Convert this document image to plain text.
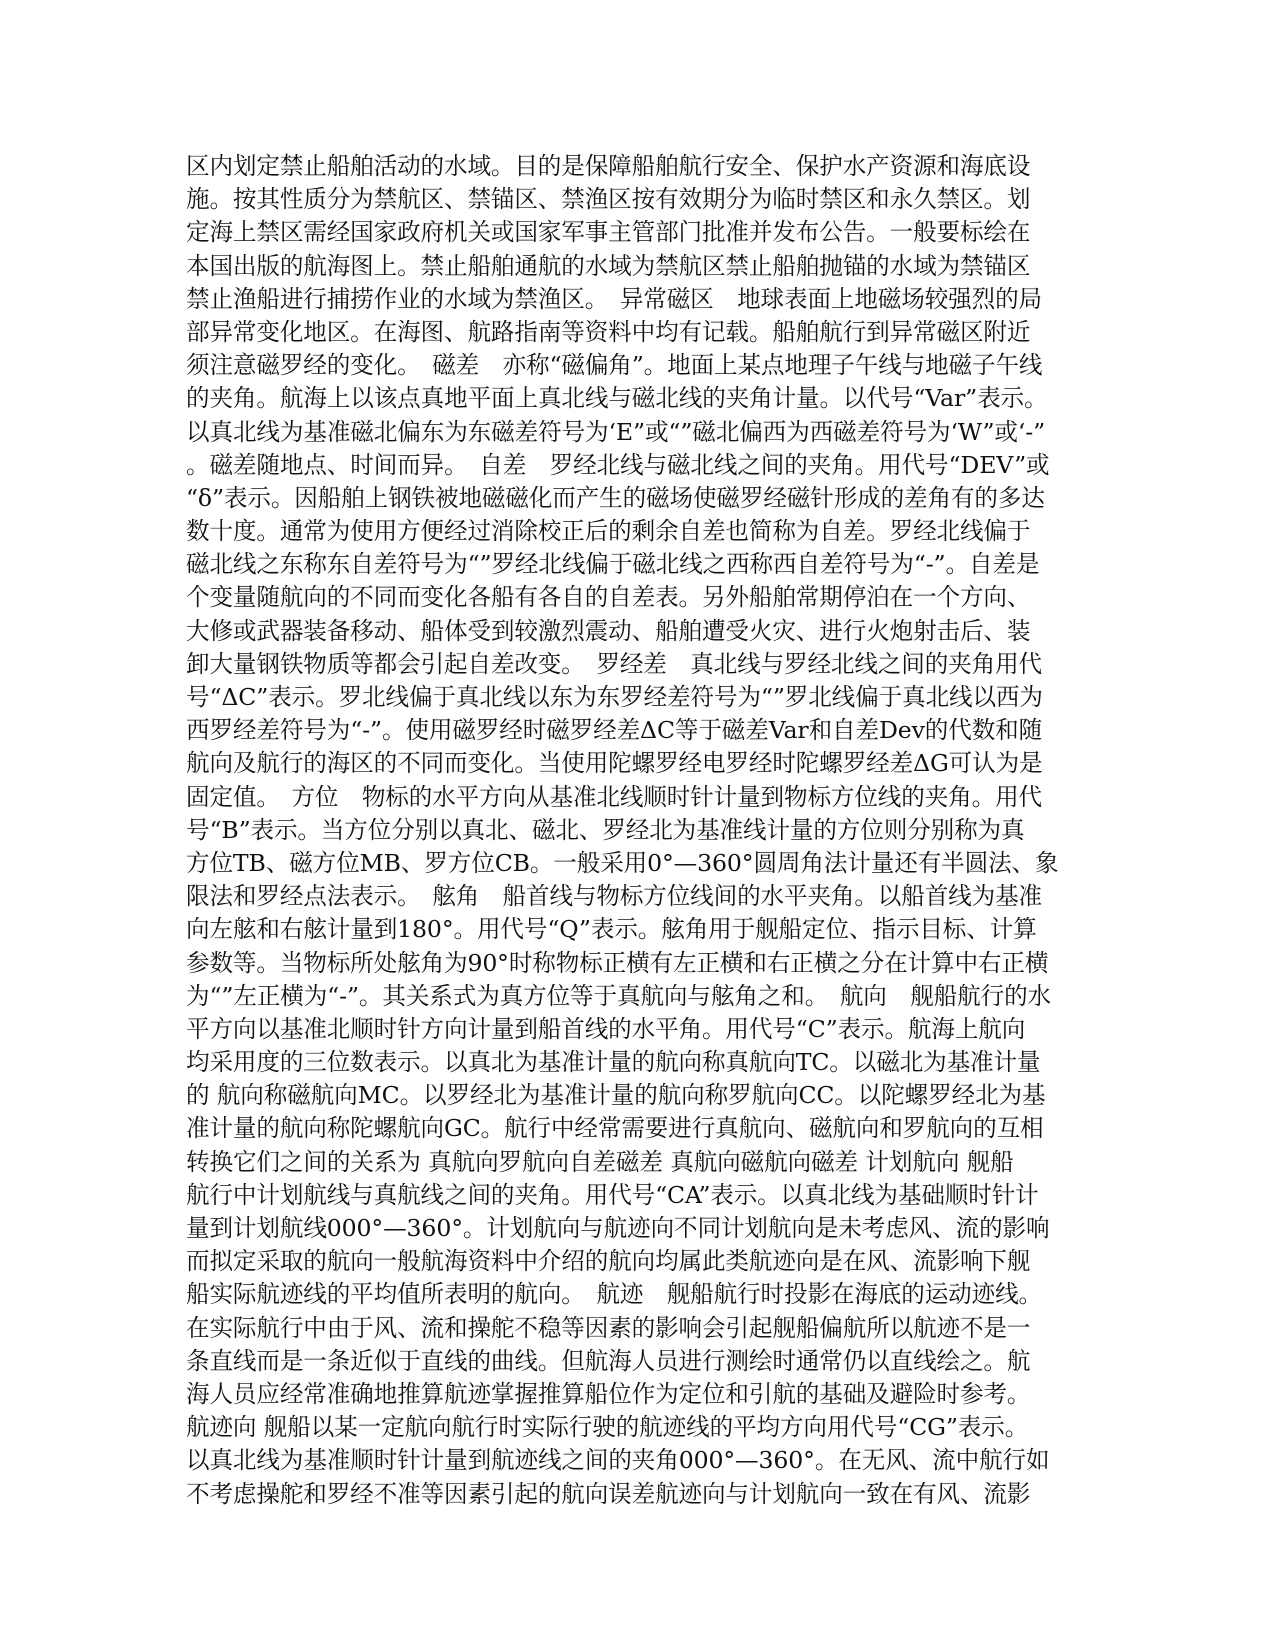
区内划定禁止船舶活动的水域。目的是保障船舶航行安全、保护水产资源和海底设
施。按其性质分为禁航区、禁锚区、禁渔区按有效期分为临时禁区和永久禁区。划
定海上禁区需经国家政府机关或国家军事主管部门批准并发布公告。一般要标绘在
本国出版的航海图上。禁止船舶通航的水域为禁航区禁止船舶抛锚的水域为禁锚区
禁止渔船进行捕捞作业的水域为禁渔区。　异常磁区　地球表面上地磁场较强烈的局
部异常变化地区。在海图、航路指南等资料中均有记载。船舶航行到异常磁区附近
须注意磁罗经的变化。　磁差　亦称“磁偏角”。地面上某点地理子午线与地磁子午线
的夹角。航海上以该点真地平面上真北线与磁北线的夹角计量。以代号“Var”表示。
以真北线为基准磁北偏东为东磁差符号为‘E”或“”磁北偏西为西磁差符号为‘W”或‘-”
。磁差随地点、时间而异。　自差　罗经北线与磁北线之间的夹角。用代号“DEV”或
“δ”表示。因船舶上钢铁被地磁磁化而产生的磁场使磁罗经磁针形成的差角有的多达
数十度。通常为使用方便经过消除校正后的剩余自差也简称为自差。罗经北线偏于
磁北线之东称东自差符号为“”罗经北线偏于磁北线之西称西自差符号为“-”。自差是
个变量随航向的不同而变化各船有各自的自差表。另外船舶常期停泊在一个方向、
大修或武器装备移动、船体受到较激烈震动、船舶遭受火灾、进行火炮射击后、装
卸大量钢铁物质等都会引起自差改变。　罗经差　真北线与罗经北线之间的夹角用代
号“ΔC”表示。罗北线偏于真北线以东为东罗经差符号为“”罗北线偏于真北线以西为
西罗经差符号为“-”。使用磁罗经时磁罗经差ΔC等于磁差Var和自差Dev的代数和随
航向及航行的海区的不同而变化。当使用陀螺罗经电罗经时陀螺罗经差ΔG可认为是
固定值。　方位　物标的水平方向从基准北线顺时针计量到物标方位线的夹角。用代
号“B”表示。当方位分别以真北、磁北、罗经北为基准线计量的方位则分别称为真
方位TB、磁方位MB、罗方位CB。一般采用0°—360°圆周角法计量还有半圆法、象
限法和罗经点法表示。　舷角　船首线与物标方位线间的水平夹角。以船首线为基准
向左舷和右舷计量到180°。用代号“Q”表示。舷角用于舰船定位、指示目标、计算
参数等。当物标所处舷角为90°时称物标正横有左正横和右正横之分在计算中右正横
为“”左正横为“-”。其关系式为真方位等于真航向与舷角之和。　航向　舰船航行的水
平方向以基准北顺时针方向计量到船首线的水平角。用代号“C”表示。航海上航向
均采用度的三位数表示。以真北为基准计量的航向称真航向TC。以磁北为基准计量
的 航向称磁航向MC。以罗经北为基准计量的航向称罗航向CC。以陀螺罗经北为基
准计量的航向称陀螺航向GC。航行中经常需要进行真航向、磁航向和罗航向的互相
转换它们之间的关系为 真航向罗航向自差磁差 真航向磁航向磁差 计划航向 舰船
航行中计划航线与真航线之间的夹角。用代号“CA”表示。以真北线为基础顺时针计
量到计划航线000°—360°。计划航向与航迹向不同计划航向是未考虑风、流的影响
而拟定采取的航向一般航海资料中介绍的航向均属此类航迹向是在风、流影响下舰
船实际航迹线的平均值所表明的航向。　航迹　舰船航行时投影在海底的运动迹线。
在实际航行中由于风、流和操舵不稳等因素的影响会引起舰船偏航所以航迹不是一
条直线而是一条近似于直线的曲线。但航海人员进行测绘时通常仍以直线绘之。航
海人员应经常准确地推算航迹掌握推算船位作为定位和引航的基础及避险时参考。
航迹向 舰船以某一定航向航行时实际行驶的航迹线的平均方向用代号“CG”表示。
以真北线为基准顺时针计量到航迹线之间的夹角000°—360°。在无风、流中航行如
不考虑操舵和罗经不准等因素引起的航向误差航迹向与计划航向一致在有风、流影
